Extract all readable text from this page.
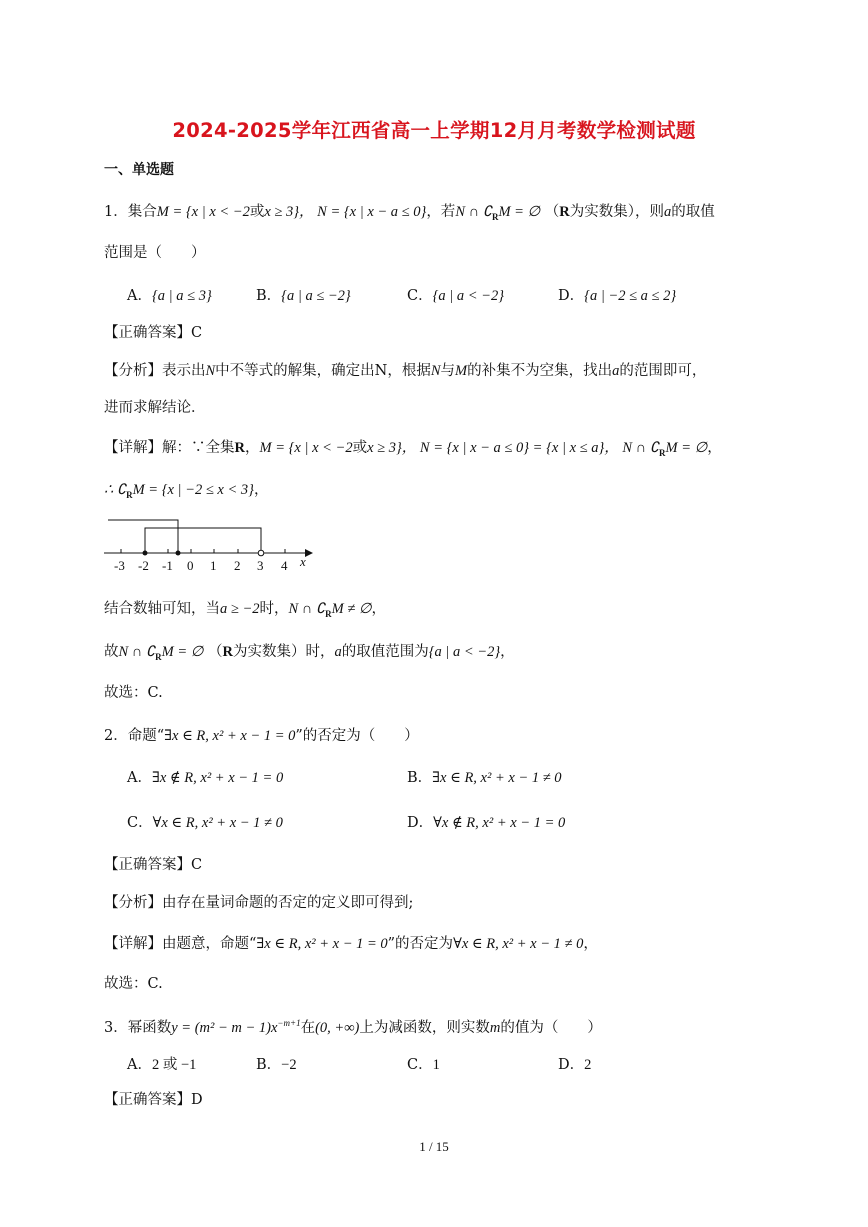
2024-2025学年江西省高一上学期12月月考数学检测试题
一、单选题
1．集合M = {x | x < −2或x ≥ 3}， N = {x | x − a ≤ 0}，若N ∩ $∁_RM$ = ∅ （R为实数集），则a的取值
范围是（　　）
A．{a | a ≤ 3}	B．{a | a ≤ −2}	C．{a | a < −2}	D．{a | −2 ≤ a ≤ 2}
【正确答案】C
【分析】表示出N中不等式的解集，确定出N，根据N与M的补集不为空集，找出a的范围即可，
进而求解结论．
【详解】解：∵全集R，M = {x | x < −2或x ≥ 3}， N = {x | x − a ≤ 0} = {x | x ≤ a}， N ∩ $∁_RM$ = ∅，
∴ $∁_RM = \{x$ | −2 ≤ x < 3}，
x
-3 -2 -1 0 1 2 3 4
结合数轴可知，当a ≥ −2时，N ∩ $∁_RM$ ≠ ∅，
故N ∩ $∁_RM$ = ∅ （R为实数集）时，a的取值范围为{a | a < −2}，
故选：C.
2．命题“∃x ∈ R, x² + x − 1 = 0”的否定为（　　）
A．∃x ∉ R, x² + x − 1 = 0	B．∃x ∈ R, x² + x − 1 ≠ 0
C．∀x ∈ R, x² + x − 1 ≠ 0	D．∀x ∉ R, x² + x − 1 = 0
【正确答案】C
【分析】由存在量词命题的否定的定义即可得到;
【详解】由题意，命题“∃x ∈ R, x² + x − 1 = 0”的否定为∀x ∈ R, x² + x − 1 ≠ 0，
故选：C.
3．幂函数$y = (m^2 - m - 1)x^{-m+1}$在(0, +∞)上为减函数，则实数m的值为（　　）
A．2 或 −1	B．−2	C．1	D．2
【正确答案】D
1 / 15
